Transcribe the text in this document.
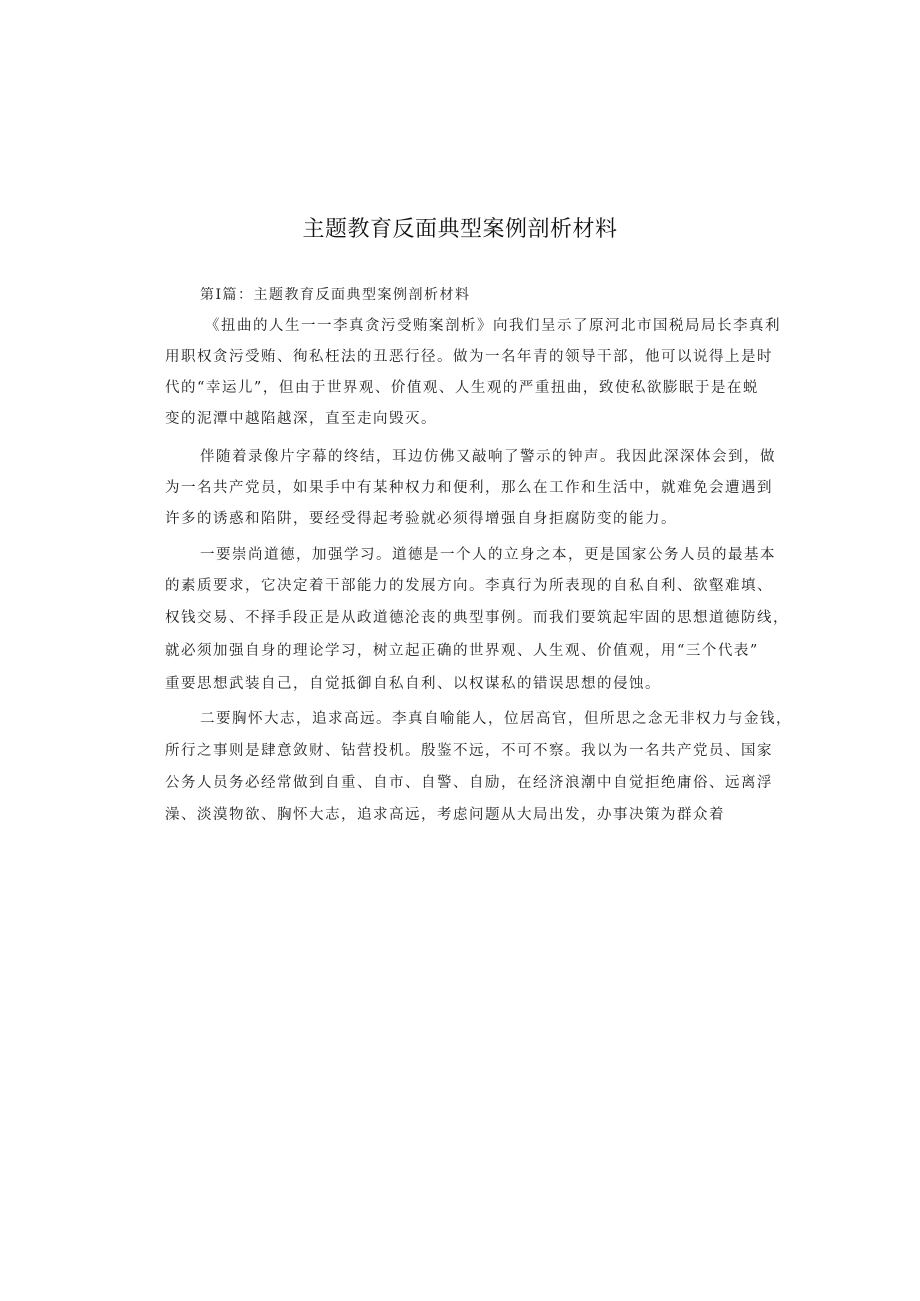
主题教育反面典型案例剖析材料
第Ⅰ篇：主题教育反面典型案例剖析材料
《扭曲的人生一一李真贪污受贿案剖析》向我们呈示了原河北市国税局局长李真利
用职权贪污受贿、徇私枉法的丑恶行径。做为一名年青的领导干部，他可以说得上是时
代的“幸运儿”，但由于世界观、价值观、人生观的严重扭曲，致使私欲膨眠于是在蜕
变的泥潭中越陷越深，直至走向毁灭。
伴随着录像片字幕的终结，耳边仿佛又敲响了警示的钟声。我因此深深体会到，做
为一名共产党员，如果手中有某种权力和便利，那么在工作和生活中，就难免会遭遇到
许多的诱惑和陷阱，要经受得起考验就必须得增强自身拒腐防变的能力。
一要崇尚道德，加强学习。道德是一个人的立身之本，更是国家公务人员的最基本
的素质要求，它决定着干部能力的发展方向。李真行为所表现的自私自利、欲壑难填、
权钱交易、不择手段正是从政道德沦丧的典型事例。而我们要筑起牢固的思想道德防线，
就必须加强自身的理论学习，树立起正确的世界观、人生观、价值观，用“三个代表”
重要思想武装自己，自觉抵御自私自利、以权谋私的错误思想的侵蚀。
二要胸怀大志，追求高远。李真自喻能人，位居高官，但所思之念无非权力与金钱，
所行之事则是肆意敛财、钻营投机。殷鉴不远，不可不察。我以为一名共产党员、国家
公务人员务必经常做到自重、自市、自警、自励，在经济浪潮中自觉拒绝庸俗、远离浮
澡、淡漠物欲、胸怀大志，追求高远，考虑问题从大局出发，办事决策为群众着
